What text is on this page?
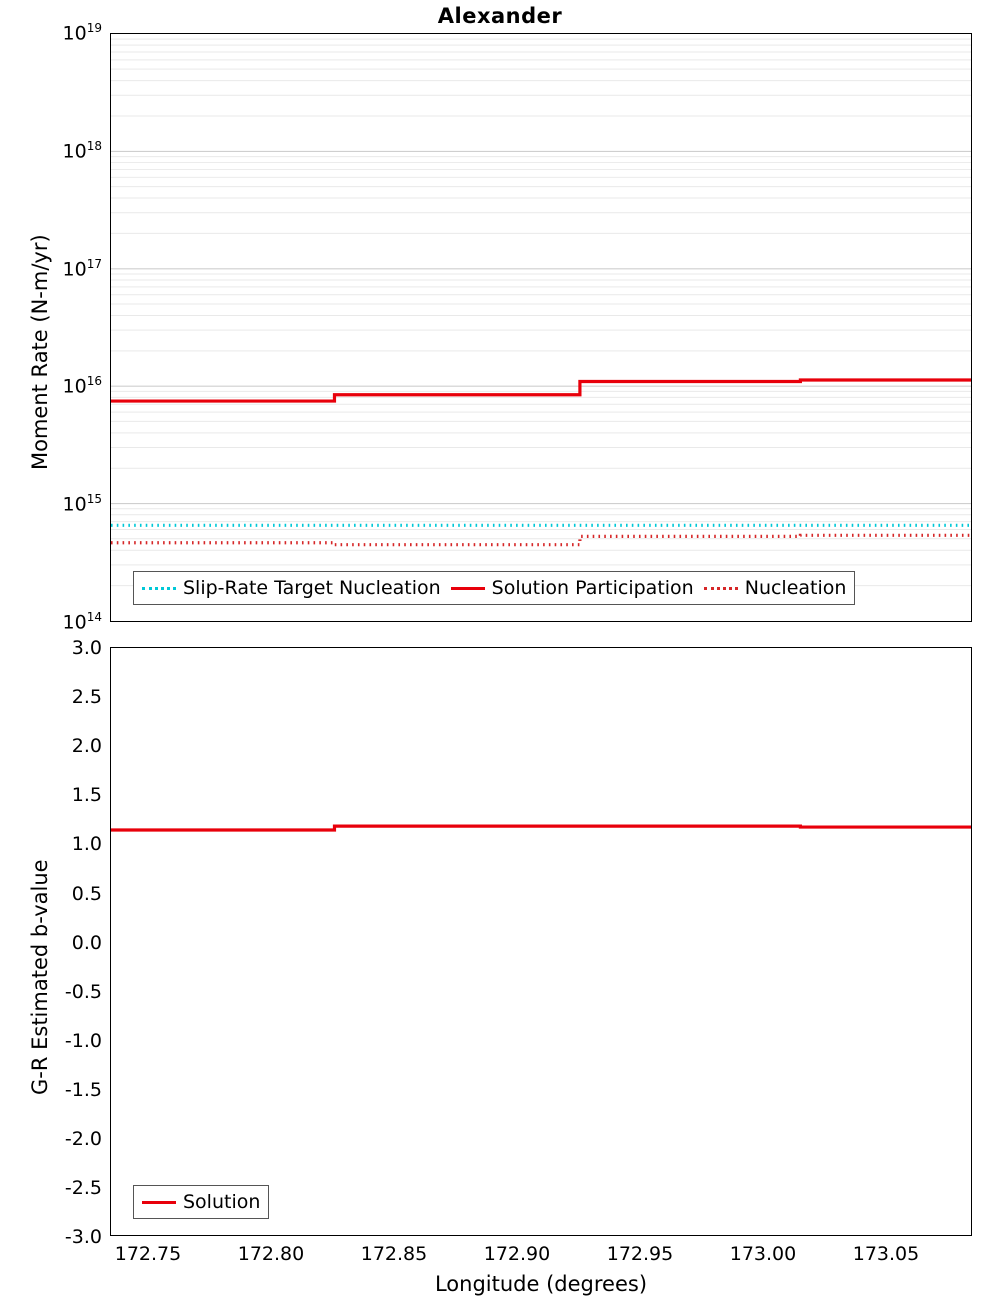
Alexander
Slip-Rate Target Nucleation	Solution Participation	Nucleation
$10^{14}$
$10^{15}$
$10^{16}$
$10^{17}$
$10^{18}$
$10^{19}$
Moment Rate (N-m/yr)
Solution
3.0
2.5
2.0
1.5
1.0
0.5
0.0
-0.5
-1.0
-1.5
-2.0
-2.5
-3.0
G-R Estimated b-value
172.75	172.80	172.85	172.90	172.95	173.00	173.05
Longitude (degrees)
